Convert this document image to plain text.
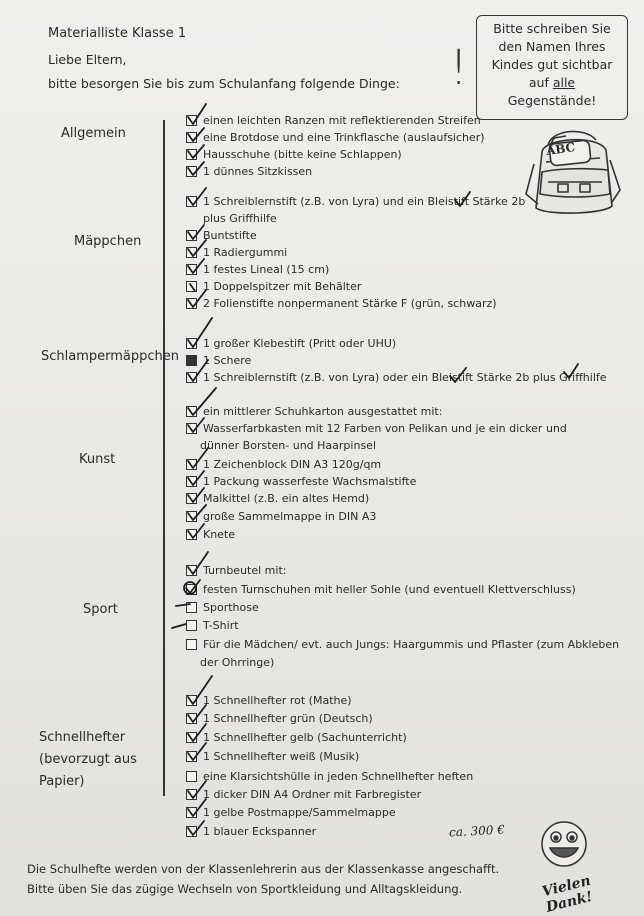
Materialliste Klasse 1
Liebe Eltern,
bitte besorgen Sie bis zum Schulanfang folgende Dinge: !
Bitte schreiben Sie
den Namen Ihres
Kindes gut sichtbar
auf alle
Gegenstände!
ABC
Allgemein
Mäppchen
Schlampermäppchen
Kunst
Sport
Schnellhefter
(bevorzugt aus
Papier)
einen leichten Ranzen mit reflektierenden Streifen
eine Brotdose und eine Trinkflasche (auslaufsicher)
Hausschuhe (bitte keine Schlappen)
1 dünnes Sitzkissen
1 Schreiblernstift (z.B. von Lyra) und ein Bleistift Stärke 2b
plus Griffhilfe
Buntstifte
1 Radiergummi
1 festes Lineal (15 cm)
1 Doppelspitzer mit Behälter
2 Folienstifte nonpermanent Stärke F (grün, schwarz)
1 großer Klebestift (Pritt oder UHU)
1 Schere
1 Schreiblernstift (z.B. von Lyra) oder ein Bleistift Stärke 2b plus Griffhilfe
ein mittlerer Schuhkarton ausgestattet mit:
Wasserfarbkasten mit 12 Farben von Pelikan und je ein dicker und
dünner Borsten- und Haarpinsel
1 Zeichenblock DIN A3 120g/qm
1 Packung wasserfeste Wachsmalstifte
Malkittel (z.B. ein altes Hemd)
große Sammelmappe in DIN A3
Knete
Turnbeutel mit:
festen Turnschuhen mit heller Sohle (und eventuell Klettverschluss)
Sporthose
T-Shirt
Für die Mädchen/ evt. auch Jungs: Haargummis und Pflaster (zum Abkleben
der Ohrringe)
1 Schnellhefter rot (Mathe)
1 Schnellhefter grün (Deutsch)
1 Schnellhefter gelb (Sachunterricht)
1 Schnellhefter weiß (Musik)
eine Klarsichtshülle in jeden Schnellhefter heften
1 dicker DIN A4 Ordner mit Farbregister
1 gelbe Postmappe/Sammelmappe
1 blauer Eckspanner	ca. 300 €
Die Schulhefte werden von der Klassenlehrerin aus der Klassenkasse angeschafft.
Bitte üben Sie das zügige Wechseln von Sportkleidung und Alltagskleidung.	Vielen Dank!
